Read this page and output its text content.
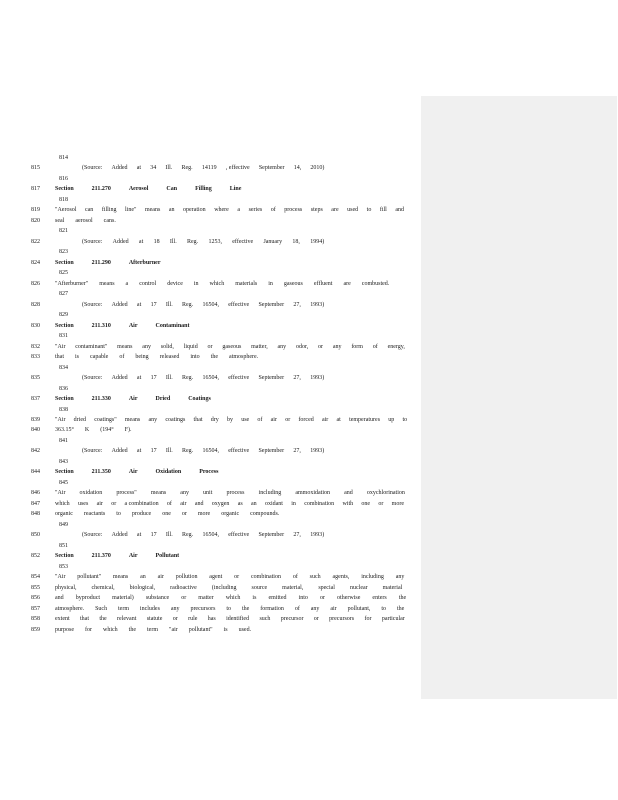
814
815	(Source: Added at 34 Ill. Reg. 14119 , effective September 14, 2010)
816
817	Section	211.270	Aerosol	Can	Filling	Line
818
819	"Aerosol can filling line" means an operation where a series of process steps are used to fill and
820	seal aerosol cans.
821
822	(Source: Added at 18 Ill. Reg. 1253, effective January 18, 1994)
823
824	Section	211.290	Afterburner
825
826	"Afterburner" means a control device in which materials in gaseous effluent are combusted.
827
828	(Source: Added at 17 Ill. Reg. 16504, effective September 27, 1993)
829
830	Section	211.310	Air	Contaminant
831
832	"Air contaminant" means any solid, liquid or gaseous matter, any odor, or any form of energy,
833	that is capable of being released into the atmosphere.
834
835	(Source: Added at 17 Ill. Reg. 16504, effective September 27, 1993)
836
837	Section	211.330	Air	Dried	Coatings
838
839	"Air dried coatings" means any coatings that dry by use of air or forced air at temperatures up to
840	363.15° K (194° F).
841
842	(Source: Added at 17 Ill. Reg. 16504, effective September 27, 1993)
843
844	Section	211.350	Air	Oxidation	Process
845
846	"Air oxidation process" means any unit process including ammoxidation and oxychlorination
847	which uses air or a combination of air and oxygen as an oxidant in combination with one or more
848	organic reactants to produce one or more organic compounds.
849
850	(Source: Added at 17 Ill. Reg. 16504, effective September 27, 1993)
851
852	Section	211.370	Air	Pollutant
853
854	"Air pollutant" means an air pollution agent or combination of such agents, including any
855	physical,	chemical,	biological,	radioactive	(including	source	material,	special	nuclear	material
856	and byproduct material) substance or matter which is emitted into or otherwise enters the
857	atmosphere. Such term includes any precursors to the formation of any air pollutant, to the
858	extent that the relevant statute or rule has identified such precursor or precursors for particular
859	purpose for which the term "air pollutant" is used.
